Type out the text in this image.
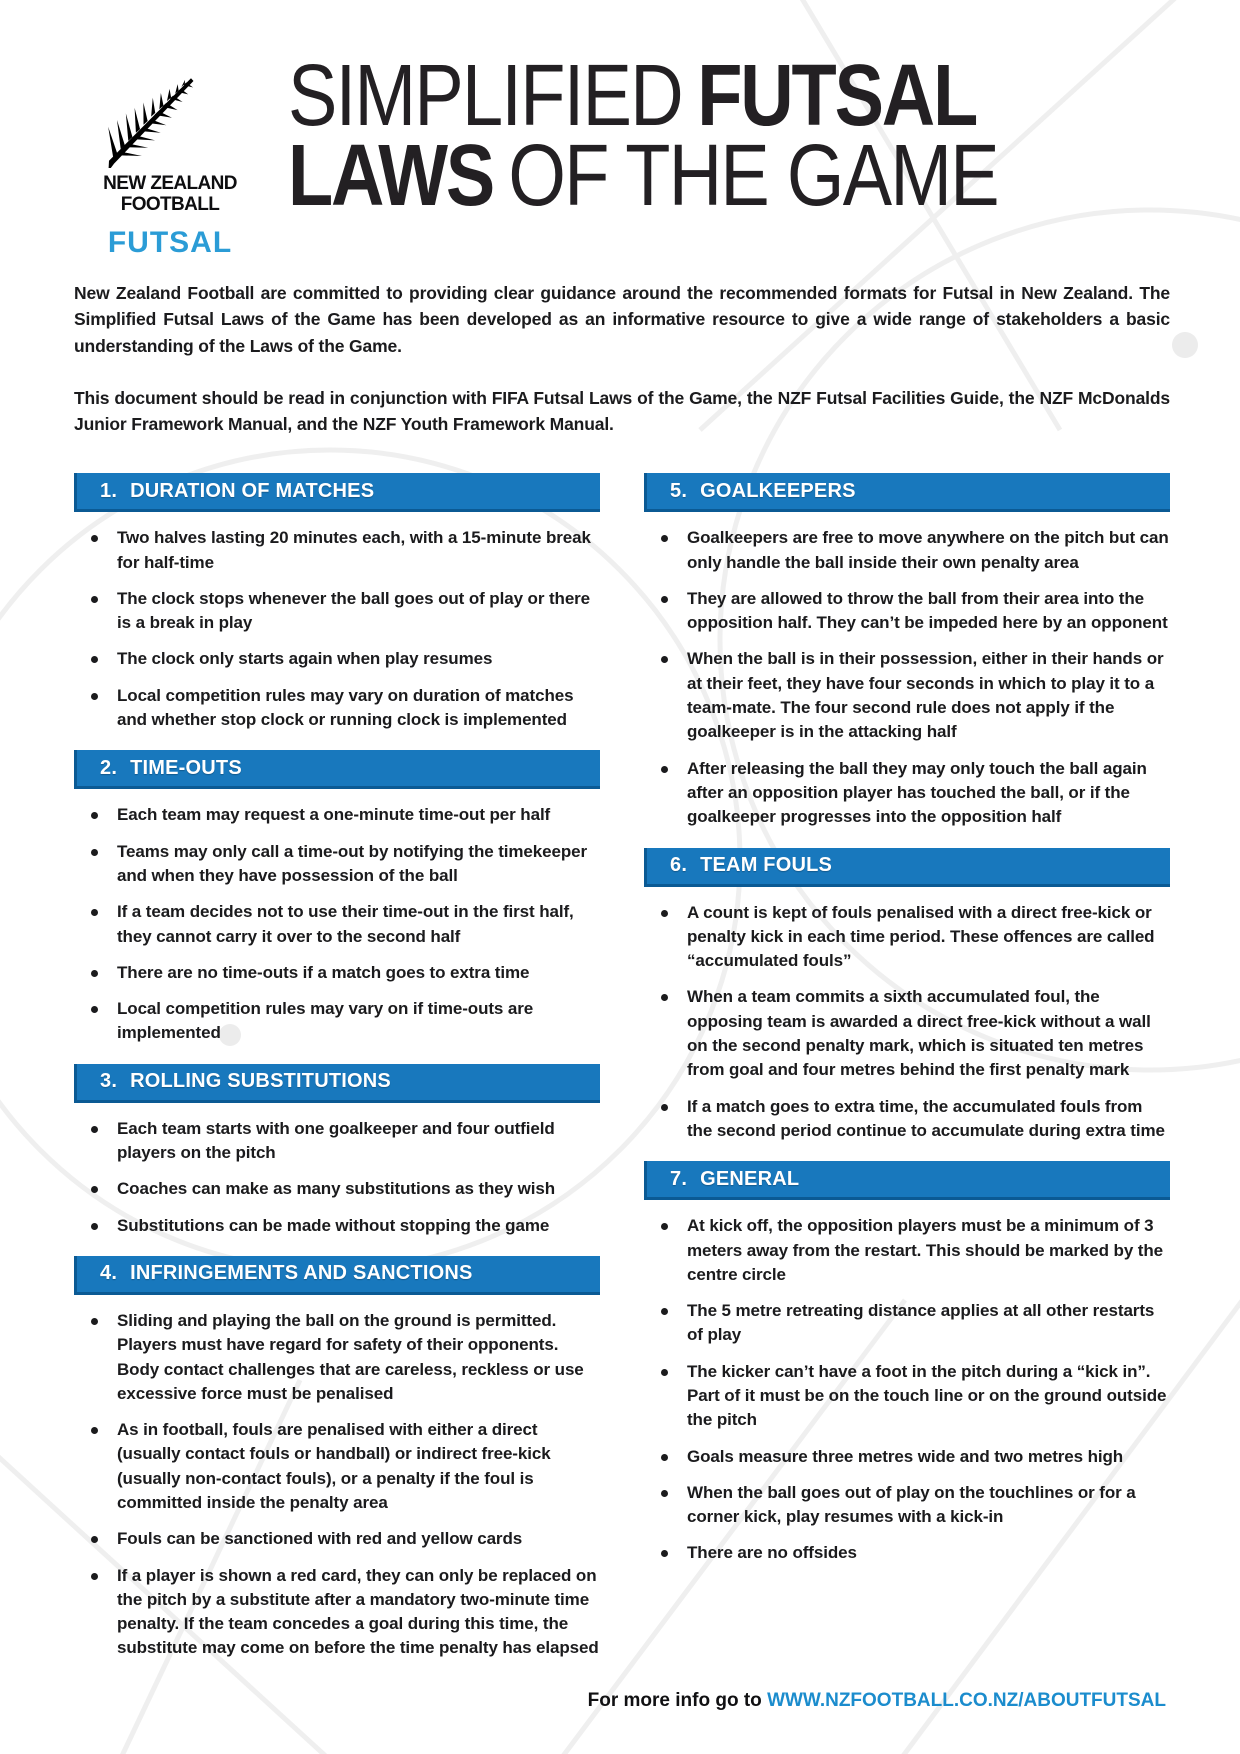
NEW ZEALAND
FOOTBALL
FUTSAL
SIMPLIFIED FUTSAL
LAWS OF THE GAME

New Zealand Football are committed to providing clear guidance around the recommended formats for Futsal in New Zealand. The Simplified Futsal Laws of the Game has been developed as an informative resource to give a wide range of stakeholders a basic understanding of the Laws of the Game.

This document should be read in conjunction with FIFA Futsal Laws of the Game, the NZF Futsal Facilities Guide, the NZF McDonalds Junior Framework Manual, and the NZF Youth Framework Manual.

1. DURATION OF MATCHES
Two halves lasting 20 minutes each, with a 15-minute break for half-time
The clock stops whenever the ball goes out of play or there is a break in play
The clock only starts again when play resumes
Local competition rules may vary on duration of matches and whether stop clock or running clock is implemented
2. TIME-OUTS
Each team may request a one-minute time-out per half
Teams may only call a time-out by notifying the timekeeper and when they have possession of the ball
If a team decides not to use their time-out in the first half, they cannot carry it over to the second half
There are no time-outs if a match goes to extra time
Local competition rules may vary on if time-outs are implemented
3. ROLLING SUBSTITUTIONS
Each team starts with one goalkeeper and four outfield players on the pitch
Coaches can make as many substitutions as they wish
Substitutions can be made without stopping the game
4. INFRINGEMENTS AND SANCTIONS
Sliding and playing the ball on the ground is permitted. Players must have regard for safety of their opponents. Body contact challenges that are careless, reckless or use excessive force must be penalised
As in football, fouls are penalised with either a direct (usually contact fouls or handball) or indirect free-kick (usually non-contact fouls), or a penalty if the foul is committed inside the penalty area
Fouls can be sanctioned with red and yellow cards
If a player is shown a red card, they can only be replaced on the pitch by a substitute after a mandatory two-minute time penalty. If the team concedes a goal during this time, the substitute may come on before the time penalty has elapsed
5. GOALKEEPERS
Goalkeepers are free to move anywhere on the pitch but can only handle the ball inside their own penalty area
They are allowed to throw the ball from their area into the opposition half. They can’t be impeded here by an opponent
When the ball is in their possession, either in their hands or at their feet, they have four seconds in which to play it to a team-mate. The four second rule does not apply if the goalkeeper is in the attacking half
After releasing the ball they may only touch the ball again after an opposition player has touched the ball, or if the goalkeeper progresses into the opposition half
6. TEAM FOULS
A count is kept of fouls penalised with a direct free-kick or penalty kick in each time period. These offences are called “accumulated fouls”
When a team commits a sixth accumulated foul, the opposing team is awarded a direct free-kick without a wall on the second penalty mark, which is situated ten metres from goal and four metres behind the first penalty mark
If a match goes to extra time, the accumulated fouls from the second period continue to accumulate during extra time
7. GENERAL
At kick off, the opposition players must be a minimum of 3 meters away from the restart. This should be marked by the centre circle
The 5 metre retreating distance applies at all other restarts of play
The kicker can’t have a foot in the pitch during a “kick in”. Part of it must be on the touch line or on the ground outside the pitch
Goals measure three metres wide and two metres high
When the ball goes out of play on the touchlines or for a corner kick, play resumes with a kick-in
There are no offsides
For more info go to WWW.NZFOOTBALL.CO.NZ/ABOUTFUTSAL
